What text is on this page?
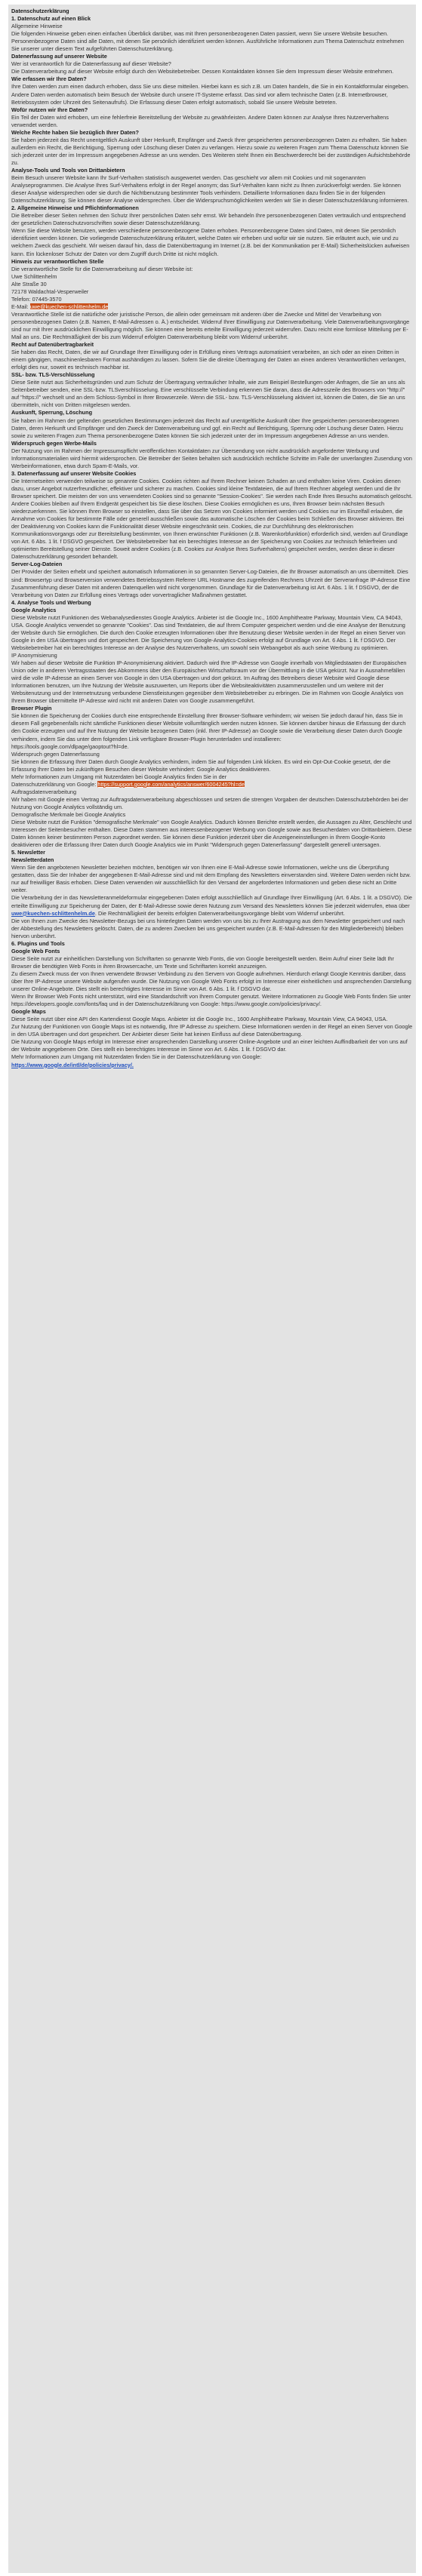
Datenschutzerklärung

1. Datenschutz auf einen Blick

Allgemeine Hinweise

Die folgenden Hinweise geben einen einfachen Überblick darüber, was mit Ihren personenbezogenen Daten passiert, wenn Sie unsere Website besuchen. Personenbezogene Daten sind alle Daten, mit denen Sie persönlich identifiziert werden können. Ausführliche Informationen zum Thema Datenschutz entnehmen Sie unserer unter diesem Text aufgeführten Datenschutzerklärung.

Datenerfassung auf unserer Website

Wer ist verantwortlich für die Datenerfassung auf dieser Website?

Die Datenverarbeitung auf dieser Website erfolgt durch den Websitebetreiber. Dessen Kontaktdaten können Sie dem Impressum dieser Website entnehmen.

Wie erfassen wir Ihre Daten?

Ihre Daten werden zum einen dadurch erhoben, dass Sie uns diese mitteilen. Hierbei kann es sich z.B. um Daten handeln, die Sie in ein Kontaktformular eingeben. Andere Daten werden automatisch beim Besuch der Website durch unsere IT-Systeme erfasst. Das sind vor allem technische Daten (z.B. Internetbrowser, Betriebssystem oder Uhrzeit des Seitenaufrufs). Die Erfassung dieser Daten erfolgt automatisch, sobald Sie unsere Website betreten.

Wofür nutzen wir Ihre Daten?

Ein Teil der Daten wird erhoben, um eine fehlerfreie Bereitstellung der Website zu gewährleisten. Andere Daten können zur Analyse Ihres Nutzerverhaltens verwendet werden.

Welche Rechte haben Sie bezüglich Ihrer Daten?

Sie haben jederzeit das Recht unentgeltlich Auskunft über Herkunft, Empfänger und Zweck Ihrer gespeicherten personenbezogenen Daten zu erhalten. Sie haben außerdem ein Recht, die Berichtigung, Sperrung oder Löschung dieser Daten zu verlangen. Hierzu sowie zu weiteren Fragen zum Thema Datenschutz können Sie sich jederzeit unter der im Impressum angegebenen Adresse an uns wenden. Des Weiteren steht Ihnen ein Beschwerderecht bei der zuständigen Aufsichtsbehörde zu.

Analyse-Tools und Tools von Drittanbietern

Beim Besuch unserer Website kann Ihr Surf-Verhalten statistisch ausgewertet werden. Das geschieht vor allem mit Cookies und mit sogenannten Analyseprogrammen. Die Analyse Ihres Surf-Verhaltens erfolgt in der Regel anonym; das Surf-Verhalten kann nicht zu Ihnen zurückverfolgt werden. Sie können dieser Analyse widersprechen oder sie durch die Nichtbenutzung bestimmter Tools verhindern. Detaillierte Informationen dazu finden Sie in der folgenden Datenschutzerklärung. Sie können dieser Analyse widersprechen. Über die Widerspruchsmöglichkeiten werden wir Sie in dieser Datenschutzerklärung informieren.

2. Allgemeine Hinweise und Pflichtinformationen

Die Betreiber dieser Seiten nehmen den Schutz Ihrer persönlichen Daten sehr ernst. Wir behandeln Ihre personenbezogenen Daten vertraulich und entsprechend der gesetzlichen Datenschutzvorschriften sowie dieser Datenschutzerklärung.

Wenn Sie diese Website benutzen, werden verschiedene personenbezogene Daten erhoben. Personenbezogene Daten sind Daten, mit denen Sie persönlich identifiziert werden können. Die vorliegende Datenschutzerklärung erläutert, welche Daten wir erheben und wofür wir sie nutzen. Sie erläutert auch, wie und zu welchem Zweck das geschieht. Wir weisen darauf hin, dass die Datenübertragung im Internet (z.B. bei der Kommunikation per E-Mail) Sicherheitslücken aufweisen kann. Ein lückenloser Schutz der Daten vor dem Zugriff durch Dritte ist nicht möglich.

Hinweis zur verantwortlichen Stelle

Die verantwortliche Stelle für die Datenverarbeitung auf dieser Website ist:

Uwe Schlittenhelm

Alte Straße 30

72178 Waldachtal-Vesperweiler

Telefon: 07445-3570

E-Mail: uwe@kuechen-schlittenhelm.de

Verantwortliche Stelle ist die natürliche oder juristische Person, die allein oder gemeinsam mit anderen über die Zwecke und Mittel der Verarbeitung von personenbezogenen Daten (z.B. Namen, E-Mail-Adressen o. Ä.) entscheidet. Widerruf Ihrer Einwilligung zur Datenverarbeitung. Viele Datenverarbeitungsvorgänge sind nur mit Ihrer ausdrücklichen Einwilligung möglich. Sie können eine bereits erteilte Einwilligung jederzeit widerrufen. Dazu reicht eine formlose Mitteilung per E-Mail an uns. Die Rechtmäßigkeit der bis zum Widerruf erfolgten Datenverarbeitung bleibt vom Widerruf unberührt.

Recht auf Datenübertragbarkeit

Sie haben das Recht, Daten, die wir auf Grundlage Ihrer Einwilligung oder in Erfüllung eines Vertrags automatisiert verarbeiten, an sich oder an einen Dritten in einem gängigen, maschinenlesbaren Format aushändigen zu lassen. Sofern Sie die direkte Übertragung der Daten an einen anderen Verantwortlichen verlangen, erfolgt dies nur, soweit es technisch machbar ist.

SSL- bzw. TLS-Verschlüsselung

Diese Seite nutzt aus Sicherheitsgründen und zum Schutz der Übertragung vertraulicher Inhalte, wie zum Beispiel Bestellungen oder Anfragen, die Sie an uns als Seitenbetreiber senden, eine SSL-bzw. TLSverschlüsselung. Eine verschlüsselte Verbindung erkennen Sie daran, dass die Adresszeile des Browsers von "http://" auf "https://" wechselt und an dem Schloss-Symbol in Ihrer Browserzeile. Wenn die SSL- bzw. TLS-Verschlüsselung aktiviert ist, können die Daten, die Sie an uns übermitteln, nicht von Dritten mitgelesen werden.

Auskunft, Sperrung, Löschung

Sie haben im Rahmen der geltenden gesetzlichen Bestimmungen jederzeit das Recht auf unentgeltliche Auskunft über Ihre gespeicherten personenbezogenen Daten, deren Herkunft und Empfänger und den Zweck der Datenverarbeitung und ggf. ein Recht auf Berichtigung, Sperrung oder Löschung dieser Daten. Hierzu sowie zu weiteren Fragen zum Thema personenbezogene Daten können Sie sich jederzeit unter der im Impressum angegebenen Adresse an uns wenden.

Widerspruch gegen Werbe-Mails

Der Nutzung von im Rahmen der Impressumspflicht veröffentlichten Kontaktdaten zur Übersendung von nicht ausdrücklich angeforderter Werbung und Informationsmaterialien wird hiermit widersprochen. Die Betreiber der Seiten behalten sich ausdrücklich rechtliche Schritte im Falle der unverlangten Zusendung von Werbeinformationen, etwa durch Spam-E-Mails, vor.

3. Datenerfassung auf unserer Website Cookies

Die Internetseiten verwenden teilweise so genannte Cookies. Cookies richten auf Ihrem Rechner keinen Schaden an und enthalten keine Viren. Cookies dienen dazu, unser Angebot nutzerfreundlicher, effektiver und sicherer zu machen. Cookies sind kleine Textdateien, die auf Ihrem Rechner abgelegt werden und die Ihr Browser speichert. Die meisten der von uns verwendeten Cookies sind so genannte "Session-Cookies". Sie werden nach Ende Ihres Besuchs automatisch gelöscht. Andere Cookies bleiben auf Ihrem Endgerät gespeichert bis Sie diese löschen. Diese Cookies ermöglichen es uns, Ihren Browser beim nächsten Besuch wiederzuerkennen. Sie können Ihren Browser so einstellen, dass Sie über das Setzen von Cookies informiert werden und Cookies nur im Einzelfall erlauben, die Annahme von Cookies für bestimmte Fälle oder generell ausschließen sowie das automatische Löschen der Cookies beim Schließen des Browser aktivieren. Bei der Deaktivierung von Cookies kann die Funktionalität dieser Website eingeschränkt sein. Cookies, die zur Durchführung des elektronischen Kommunikationsvorgangs oder zur Bereitstellung bestimmter, von Ihnen erwünschter Funktionen (z.B. Warenkorbfunktion) erforderlich sind, werden auf Grundlage von Art. 6 Abs. 1 lit. f DSGVO gespeichert. Der Websitebetreiber hat ein berechtigtes Interesse an der Speicherung von Cookies zur technisch fehlerfreien und optimierten Bereitstellung seiner Dienste. Soweit andere Cookies (z.B. Cookies zur Analyse Ihres Surfverhaltens) gespeichert werden, werden diese in dieser Datenschutzerklärung gesondert behandelt.

Server-Log-Dateien

Der Provider der Seiten erhebt und speichert automatisch Informationen in so genannten Server-Log-Dateien, die Ihr Browser automatisch an uns übermittelt. Dies sind: Browsertyp und Browserversion verwendetes Betriebssystem Referrer URL Hostname des zugreifenden Rechners Uhrzeit der Serveranfrage IP-Adresse Eine Zusammenführung dieser Daten mit anderen Datenquellen wird nicht vorgenommen. Grundlage für die Datenverarbeitung ist Art. 6 Abs. 1 lit. f DSGVO, der die Verarbeitung von Daten zur Erfüllung eines Vertrags oder vorvertraglicher Maßnahmen gestattet.

4. Analyse Tools und Werbung

Google Analytics

Diese Website nutzt Funktionen des Webanalysedienstes Google Analytics. Anbieter ist die Google Inc., 1600 Amphitheatre Parkway, Mountain View, CA 94043, USA. Google Analytics verwendet so genannte "Cookies". Das sind Textdateien, die auf Ihrem Computer gespeichert werden und die eine Analyse der Benutzung der Website durch Sie ermöglichen. Die durch den Cookie erzeugten Informationen über Ihre Benutzung dieser Website werden in der Regel an einen Server von Google in den USA übertragen und dort gespeichert. Die Speicherung von Google-Analytics-Cookies erfolgt auf Grundlage von Art. 6 Abs. 1 lit. f DSGVO. Der Websitebetreiber hat ein berechtigtes Interesse an der Analyse des Nutzerverhaltens, um sowohl sein Webangebot als auch seine Werbung zu optimieren.

IP Anonymisierung

Wir haben auf dieser Website die Funktion IP-Anonymisierung aktiviert. Dadurch wird Ihre IP-Adresse von Google innerhalb von Mitgliedstaaten der Europäischen Union oder in anderen Vertragsstaaten des Abkommens über den Europäischen Wirtschaftsraum vor der Übermittlung in die USA gekürzt. Nur in Ausnahmefällen wird die volle IP-Adresse an einen Server von Google in den USA übertragen und dort gekürzt. Im Auftrag des Betreibers dieser Website wird Google diese Informationen benutzen, um Ihre Nutzung der Website auszuwerten, um Reports über die Websiteaktivitäten zusammenzustellen und um weitere mit der Websitenutzung und der Internetnutzung verbundene Dienstleistungen gegenüber dem Websitebetreiber zu erbringen. Die im Rahmen von Google Analytics von Ihrem Browser übermittelte IP-Adresse wird nicht mit anderen Daten von Google zusammengeführt.

Browser Plugin

Sie können die Speicherung der Cookies durch eine entsprechende Einstellung Ihrer Browser-Software verhindern; wir weisen Sie jedoch darauf hin, dass Sie in diesem Fall gegebenenfalls nicht sämtliche Funktionen dieser Website vollumfänglich werden nutzen können. Sie können darüber hinaus die Erfassung der durch den Cookie erzeugten und auf Ihre Nutzung der Website bezogenen Daten (inkl. Ihrer IP-Adresse) an Google sowie die Verarbeitung dieser Daten durch Google verhindern, indem Sie das unter dem folgenden Link verfügbare Browser-Plugin herunterladen und installieren:

https://tools.google.com/dlpage/gaoptout?hl=de.

Widerspruch gegen Datenerfassung

Sie können die Erfassung Ihrer Daten durch Google Analytics verhindern, indem Sie auf folgenden Link klicken. Es wird ein Opt-Out-Cookie gesetzt, der die Erfassung Ihrer Daten bei zukünftigen Besuchen dieser Website verhindert: Google Analytics deaktivieren.

Mehr Informationen zum Umgang mit Nutzerdaten bei Google Analytics finden Sie in der

Datenschutzerklärung von Google: https://support.google.com/analytics/answer/6004245?hl=de

Auftragsdatenverarbeitung

Wir haben mit Google einen Vertrag zur Auftragsdatenverarbeitung abgeschlossen und setzen die strengen Vorgaben der deutschen Datenschutzbehörden bei der Nutzung von Google Analytics vollständig um.

Demografische Merkmale bei Google Analytics

Diese Website nutzt die Funktion "demografische Merkmale" von Google Analytics. Dadurch können Berichte erstellt werden, die Aussagen zu Alter, Geschlecht und Interessen der Seitenbesucher enthalten. Diese Daten stammen aus interessenbezogener Werbung von Google sowie aus Besucherdaten von Drittanbietern. Diese Daten können keiner bestimmten Person zugeordnet werden. Sie können diese Funktion jederzeit über die Anzeigeneinstellungen in Ihrem Google-Konto deaktivieren oder die Erfassung Ihrer Daten durch Google Analytics wie im Punkt "Widerspruch gegen Datenerfassung" dargestellt generell untersagen.

5. Newsletter

Newsletterdaten

Wenn Sie den angebotenen Newsletter beziehen möchten, benötigen wir von Ihnen eine E-Mail-Adresse sowie Informationen, welche uns die Überprüfung gestatten, dass Sie der Inhaber der angegebenen E-Mail-Adresse sind und mit dem Empfang des Newsletters einverstanden sind. Weitere Daten werden nicht bzw. nur auf freiwilliger Basis erhoben. Diese Daten verwenden wir ausschließlich für den Versand der angeforderten Informationen und geben diese nicht an Dritte weiter.

Die Verarbeitung der in das Newsletteranmeldeformular eingegebenen Daten erfolgt ausschließlich auf Grundlage Ihrer Einwilligung (Art. 6 Abs. 1 lit. a DSGVO). Die erteilte Einwilligung zur Speicherung der Daten, der E-Mail-Adresse sowie deren Nutzung zum Versand des Newsletters können Sie jederzeit widerrufen, etwa über uwe@kuechen-schlittenhelm.de. Die Rechtmäßigkeit der bereits erfolgten Datenverarbeitungsvorgänge bleibt vom Widerruf unberührt.

Die von Ihnen zum Zwecke des Newsletter-Bezugs bei uns hinterlegten Daten werden von uns bis zu Ihrer Austragung aus dem Newsletter gespeichert und nach der Abbestellung des Newsletters gelöscht. Daten, die zu anderen Zwecken bei uns gespeichert wurden (z.B. E-Mail-Adressen für den Mitgliederbereich) bleiben hiervon unberührt.

6. Plugins und Tools

Google Web Fonts

Diese Seite nutzt zur einheitlichen Darstellung von Schriftarten so genannte Web Fonts, die von Google bereitgestellt werden. Beim Aufruf einer Seite lädt Ihr Browser die benötigten Web Fonts in ihren Browsercache, um Texte und Schriftarten korrekt anzuzeigen.

Zu diesem Zweck muss der von Ihnen verwendete Browser Verbindung zu den Servern von Google aufnehmen. Hierdurch erlangt Google Kenntnis darüber, dass über Ihre IP-Adresse unsere Website aufgerufen wurde. Die Nutzung von Google Web Fonts erfolgt im Interesse einer einheitlichen und ansprechenden Darstellung unserer Online-Angebote. Dies stellt ein berechtigtes Interesse im Sinne von Art. 6 Abs. 1 lit. f DSGVO dar.

Wenn Ihr Browser Web Fonts nicht unterstützt, wird eine Standardschrift von Ihrem Computer genutzt. Weitere Informationen zu Google Web Fonts finden Sie unter https://developers.google.com/fonts/faq und in der Datenschutzerklärung von Google: https://www.google.com/policies/privacy/.

Google Maps

Diese Seite nutzt über eine API den Kartendienst Google Maps. Anbieter ist die Google Inc., 1600 Amphitheatre Parkway, Mountain View, CA 94043, USA.

Zur Nutzung der Funktionen von Google Maps ist es notwendig, Ihre IP Adresse zu speichern. Diese Informationen werden in der Regel an einen Server von Google in den USA übertragen und dort gespeichert. Der Anbieter dieser Seite hat keinen Einfluss auf diese Datenübertragung.

Die Nutzung von Google Maps erfolgt im Interesse einer ansprechenden Darstellung unserer Online-Angebote und an einer leichten Auffindbarkeit der von uns auf der Website angegebenen Orte. Dies stellt ein berechtigtes Interesse im Sinne von Art. 6 Abs. 1 lit. f DSGVO dar.

Mehr Informationen zum Umgang mit Nutzerdaten finden Sie in der Datenschutzerklärung von Google:

https://www.google.de/intl/de/policies/privacy/.
